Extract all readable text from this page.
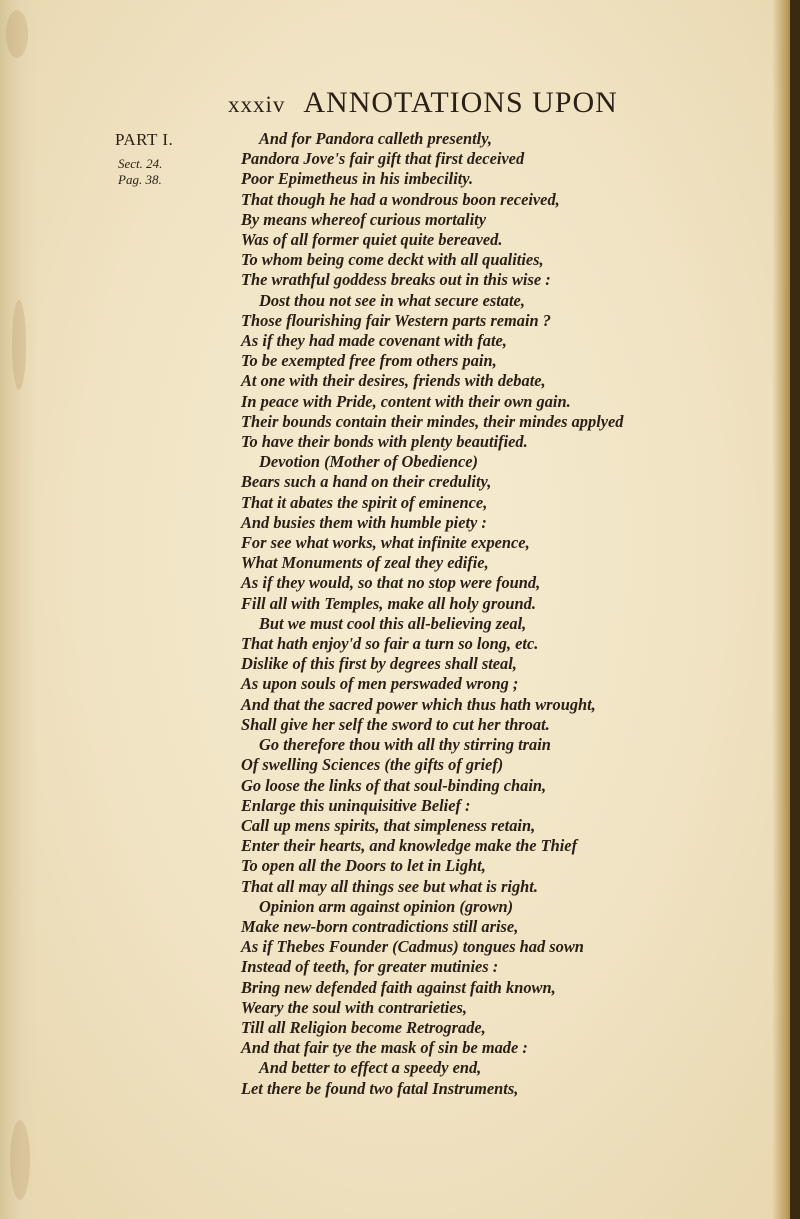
xxxiv ANNOTATIONS UPON
PART I.
Sect. 24.
Pag. 38.

And for Pandora calleth presently,

Pandora Jove's fair gift that first deceived

Poor Epimetheus in his imbecility.

That though he had a wondrous boon received,

By means whereof curious mortality

Was of all former quiet quite bereaved.

To whom being come deckt with all qualities,

The wrathful goddess breaks out in this wise :

Dost thou not see in what secure estate,

Those flourishing fair Western parts remain ?

As if they had made covenant with fate,

To be exempted free from others pain,

At one with their desires, friends with debate,

In peace with Pride, content with their own gain.

Their bounds contain their mindes, their mindes applyed

To have their bonds with plenty beautified.

Devotion (Mother of Obedience)

Bears such a hand on their credulity,

That it abates the spirit of eminence,

And busies them with humble piety :

For see what works, what infinite expence,

What Monuments of zeal they edifie,

As if they would, so that no stop were found,

Fill all with Temples, make all holy ground.

But we must cool this all-believing zeal,

That hath enjoy'd so fair a turn so long, etc.

Dislike of this first by degrees shall steal,

As upon souls of men perswaded wrong ;

And that the sacred power which thus hath wrought,

Shall give her self the sword to cut her throat.

Go therefore thou with all thy stirring train

Of swelling Sciences (the gifts of grief)

Go loose the links of that soul-binding chain,

Enlarge this uninquisitive Belief :

Call up mens spirits, that simpleness retain,

Enter their hearts, and knowledge make the Thief

To open all the Doors to let in Light,

That all may all things see but what is right.

Opinion arm against opinion (grown)

Make new-born contradictions still arise,

As if Thebes Founder (Cadmus) tongues had sown

Instead of teeth, for greater mutinies :

Bring new defended faith against faith known,

Weary the soul with contrarieties,

Till all Religion become Retrograde,

And that fair tye the mask of sin be made :

And better to effect a speedy end,

Let there be found two fatal Instruments,
